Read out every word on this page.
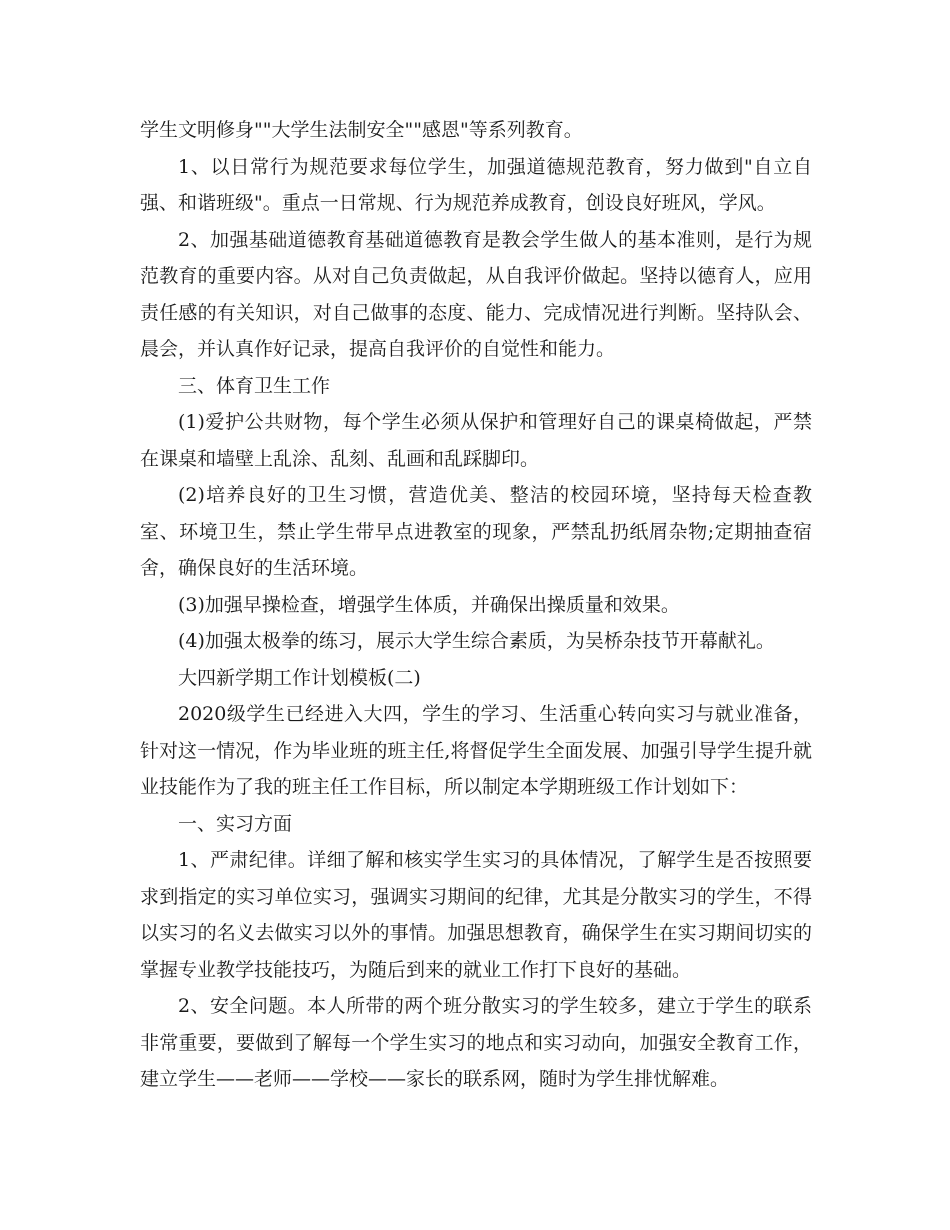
学生文明修身""大学生法制安全""感恩"等系列教育。

1、以日常行为规范要求每位学生，加强道德规范教育，努力做到"自立自强、和谐班级"。重点一日常规、行为规范养成教育，创设良好班风，学风。

2、加强基础道德教育基础道德教育是教会学生做人的基本准则，是行为规范教育的重要内容。从对自己负责做起，从自我评价做起。坚持以德育人，应用责任感的有关知识，对自己做事的态度、能力、完成情况进行判断。坚持队会、晨会，并认真作好记录，提高自我评价的自觉性和能力。

三、体育卫生工作

(1)爱护公共财物，每个学生必须从保护和管理好自己的课桌椅做起，严禁在课桌和墙壁上乱涂、乱刻、乱画和乱踩脚印。

(2)培养良好的卫生习惯，营造优美、整洁的校园环境，坚持每天检查教室、环境卫生，禁止学生带早点进教室的现象，严禁乱扔纸屑杂物;定期抽查宿舍，确保良好的生活环境。

(3)加强早操检查，增强学生体质，并确保出操质量和效果。

(4)加强太极拳的练习，展示大学生综合素质，为吴桥杂技节开幕献礼。

大四新学期工作计划模板(二)

2020级学生已经进入大四，学生的学习、生活重心转向实习与就业准备，针对这一情况，作为毕业班的班主任,将督促学生全面发展、加强引导学生提升就业技能作为了我的班主任工作目标，所以制定本学期班级工作计划如下：

一、实习方面

1、严肃纪律。详细了解和核实学生实习的具体情况，了解学生是否按照要求到指定的实习单位实习，强调实习期间的纪律，尤其是分散实习的学生，不得以实习的名义去做实习以外的事情。加强思想教育，确保学生在实习期间切实的掌握专业教学技能技巧，为随后到来的就业工作打下良好的基础。

2、安全问题。本人所带的两个班分散实习的学生较多，建立于学生的联系非常重要，要做到了解每一个学生实习的地点和实习动向，加强安全教育工作，建立学生——老师——学校——家长的联系网，随时为学生排忧解难。
